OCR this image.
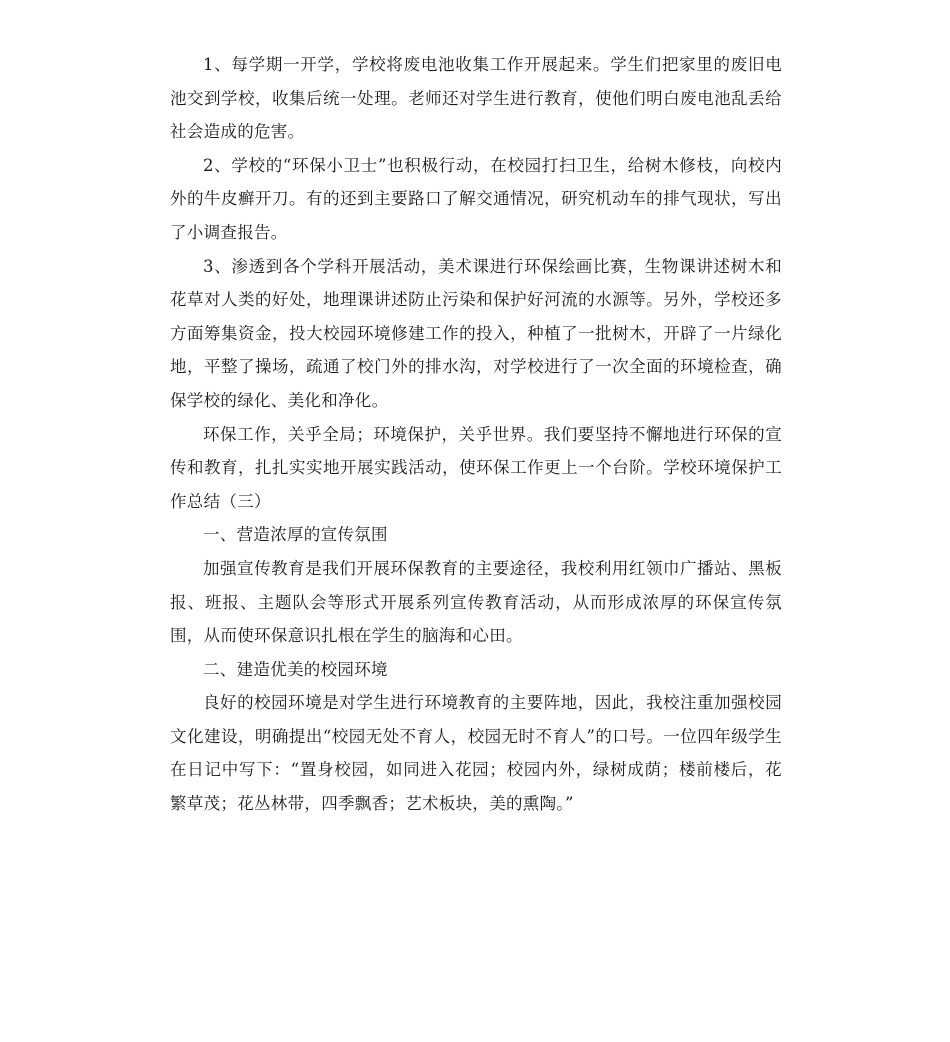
1、每学期一开学，学校将废电池收集工作开展起来。学生们把家里的废旧电池交到学校，收集后统一处理。老师还对学生进行教育，使他们明白废电池乱丢给社会造成的危害。

2、学校的“环保小卫士”也积极行动，在校园打扫卫生，给树木修枝，向校内外的牛皮癣开刀。有的还到主要路口了解交通情况，研究机动车的排气现状，写出了小调查报告。

3、渗透到各个学科开展活动，美术课进行环保绘画比赛，生物课讲述树木和花草对人类的好处，地理课讲述防止污染和保护好河流的水源等。另外，学校还多方面筹集资金，投大校园环境修建工作的投入，种植了一批树木，开辟了一片绿化地，平整了操场，疏通了校门外的排水沟，对学校进行了一次全面的环境检查，确保学校的绿化、美化和净化。

环保工作，关乎全局；环境保护，关乎世界。我们要坚持不懈地进行环保的宣传和教育，扎扎实实地开展实践活动，使环保工作更上一个台阶。学校环境保护工作总结（三）

一、营造浓厚的宣传氛围

加强宣传教育是我们开展环保教育的主要途径，我校利用红领巾广播站、黑板报、班报、主题队会等形式开展系列宣传教育活动，从而形成浓厚的环保宣传氛围，从而使环保意识扎根在学生的脑海和心田。

二、建造优美的校园环境

良好的校园环境是对学生进行环境教育的主要阵地，因此，我校注重加强校园文化建设，明确提出“校园无处不育人，校园无时不育人”的口号。一位四年级学生在日记中写下：“置身校园，如同进入花园；校园内外，绿树成荫；楼前楼后，花繁草茂；花丛林带，四季飘香；艺术板块，美的熏陶。”
